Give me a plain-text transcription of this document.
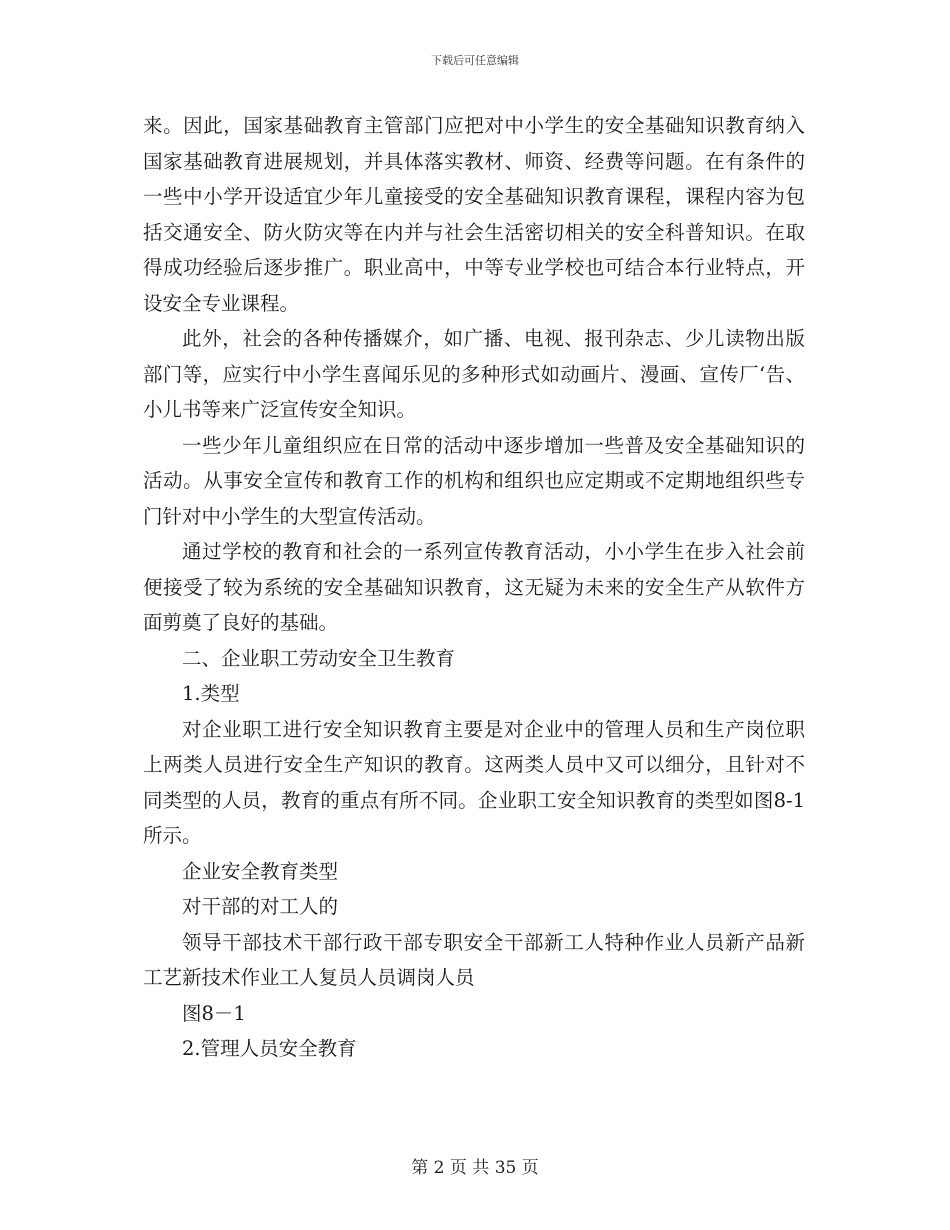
下载后可任意编辑

来。因此，国家基础教育主管部门应把对中小学生的安全基础知识教育纳入国家基础教育进展规划，并具体落实教材、师资、经费等问题。在有条件的一些中小学开设适宜少年儿童接受的安全基础知识教育课程，课程内容为包括交通安全、防火防灾等在内并与社会生活密切相关的安全科普知识。在取得成功经验后逐步推广。职业高中，中等专业学校也可结合本行业特点，开设安全专业课程。

此外，社会的各种传播媒介，如广播、电视、报刊杂志、少儿读物出版部门等，应实行中小学生喜闻乐见的多种形式如动画片、漫画、宣传厂‘告、小儿书等来广泛宣传安全知识。

一些少年儿童组织应在日常的活动中逐步增加一些普及安全基础知识的活动。从事安全宣传和教育工作的机构和组织也应定期或不定期地组织些专门针对中小学生的大型宣传活动。

通过学校的教育和社会的一系列宣传教育活动，小小学生在步入社会前便接受了较为系统的安全基础知识教育，这无疑为未来的安全生产从软件方面剪奠了良好的基础。

二、企业职工劳动安全卫生教育

1.类型

对企业职工进行安全知识教育主要是对企业中的管理人员和生产岗位职上两类人员进行安全生产知识的教育。这两类人员中又可以细分，且针对不同类型的人员，教育的重点有所不同。企业职工安全知识教育的类型如图8-1所示。

企业安全教育类型

对干部的对工人的

领导干部技术干部行政干部专职安全干部新工人特种作业人员新产品新工艺新技术作业工人复员人员调岗人员

图8－1

2.管理人员安全教育

第 2 页 共 35 页
